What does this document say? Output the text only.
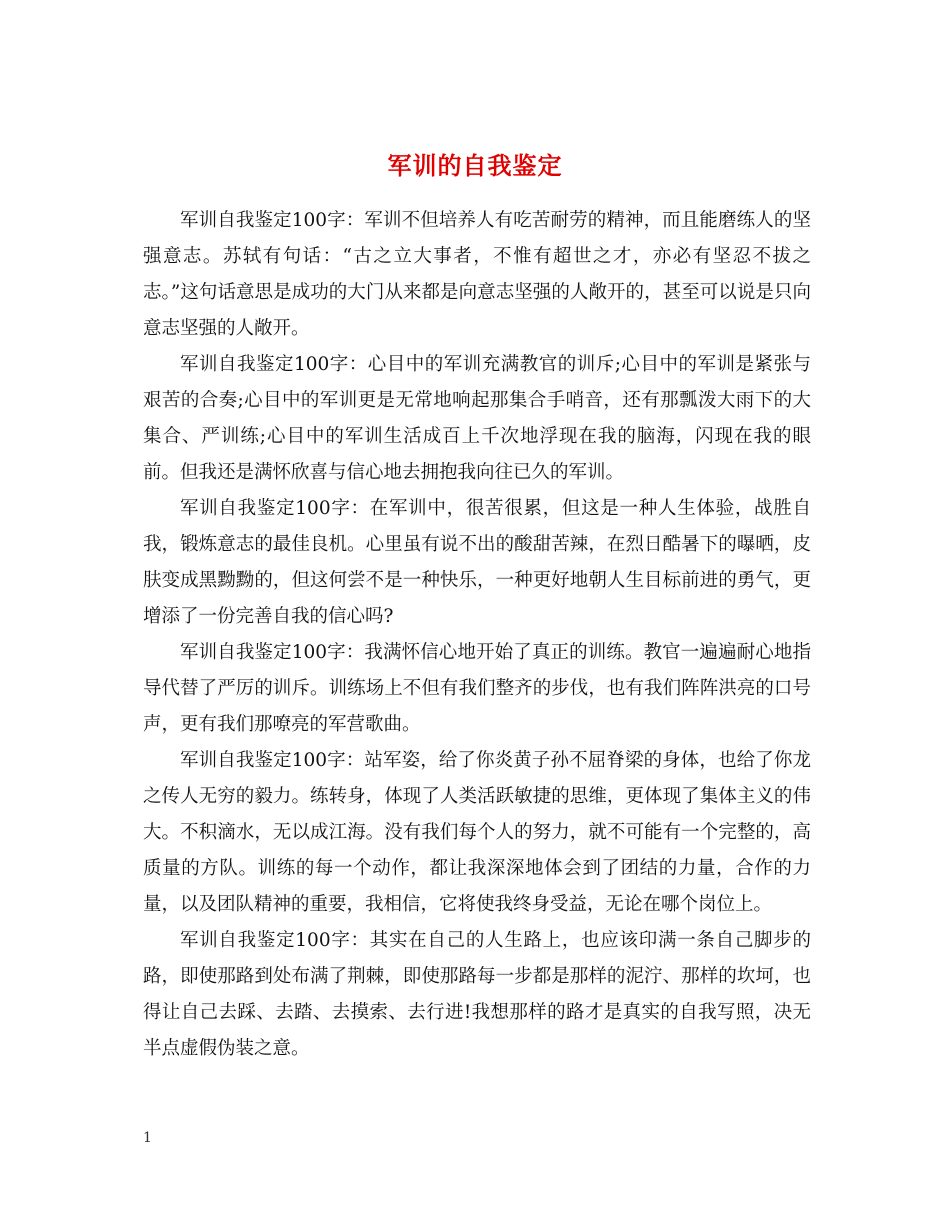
军训的自我鉴定

军训自我鉴定100字：军训不但培养人有吃苦耐劳的精神，而且能磨练人的坚强意志。苏轼有句话：“古之立大事者，不惟有超世之才，亦必有坚忍不拔之志。”这句话意思是成功的大门从来都是向意志坚强的人敞开的，甚至可以说是只向意志坚强的人敞开。

军训自我鉴定100字：心目中的军训充满教官的训斥;心目中的军训是紧张与艰苦的合奏;心目中的军训更是无常地响起那集合手哨音，还有那瓢泼大雨下的大集合、严训练;心目中的军训生活成百上千次地浮现在我的脑海，闪现在我的眼前。但我还是满怀欣喜与信心地去拥抱我向往已久的军训。

军训自我鉴定100字：在军训中，很苦很累，但这是一种人生体验，战胜自我，锻炼意志的最佳良机。心里虽有说不出的酸甜苦辣，在烈日酷暑下的曝晒，皮肤变成黑黝黝的，但这何尝不是一种快乐，一种更好地朝人生目标前进的勇气，更增添了一份完善自我的信心吗?

军训自我鉴定100字：我满怀信心地开始了真正的训练。教官一遍遍耐心地指导代替了严厉的训斥。训练场上不但有我们整齐的步伐，也有我们阵阵洪亮的口号声，更有我们那嘹亮的军营歌曲。

军训自我鉴定100字：站军姿，给了你炎黄子孙不屈脊梁的身体，也给了你龙之传人无穷的毅力。练转身，体现了人类活跃敏捷的思维，更体现了集体主义的伟大。不积滴水，无以成江海。没有我们每个人的努力，就不可能有一个完整的，高质量的方队。训练的每一个动作，都让我深深地体会到了团结的力量，合作的力量，以及团队精神的重要，我相信，它将使我终身受益，无论在哪个岗位上。

军训自我鉴定100字：其实在自己的人生路上，也应该印满一条自己脚步的路，即使那路到处布满了荆棘，即使那路每一步都是那样的泥泞、那样的坎坷，也得让自己去踩、去踏、去摸索、去行进!我想那样的路才是真实的自我写照，决无半点虚假伪装之意。

1
